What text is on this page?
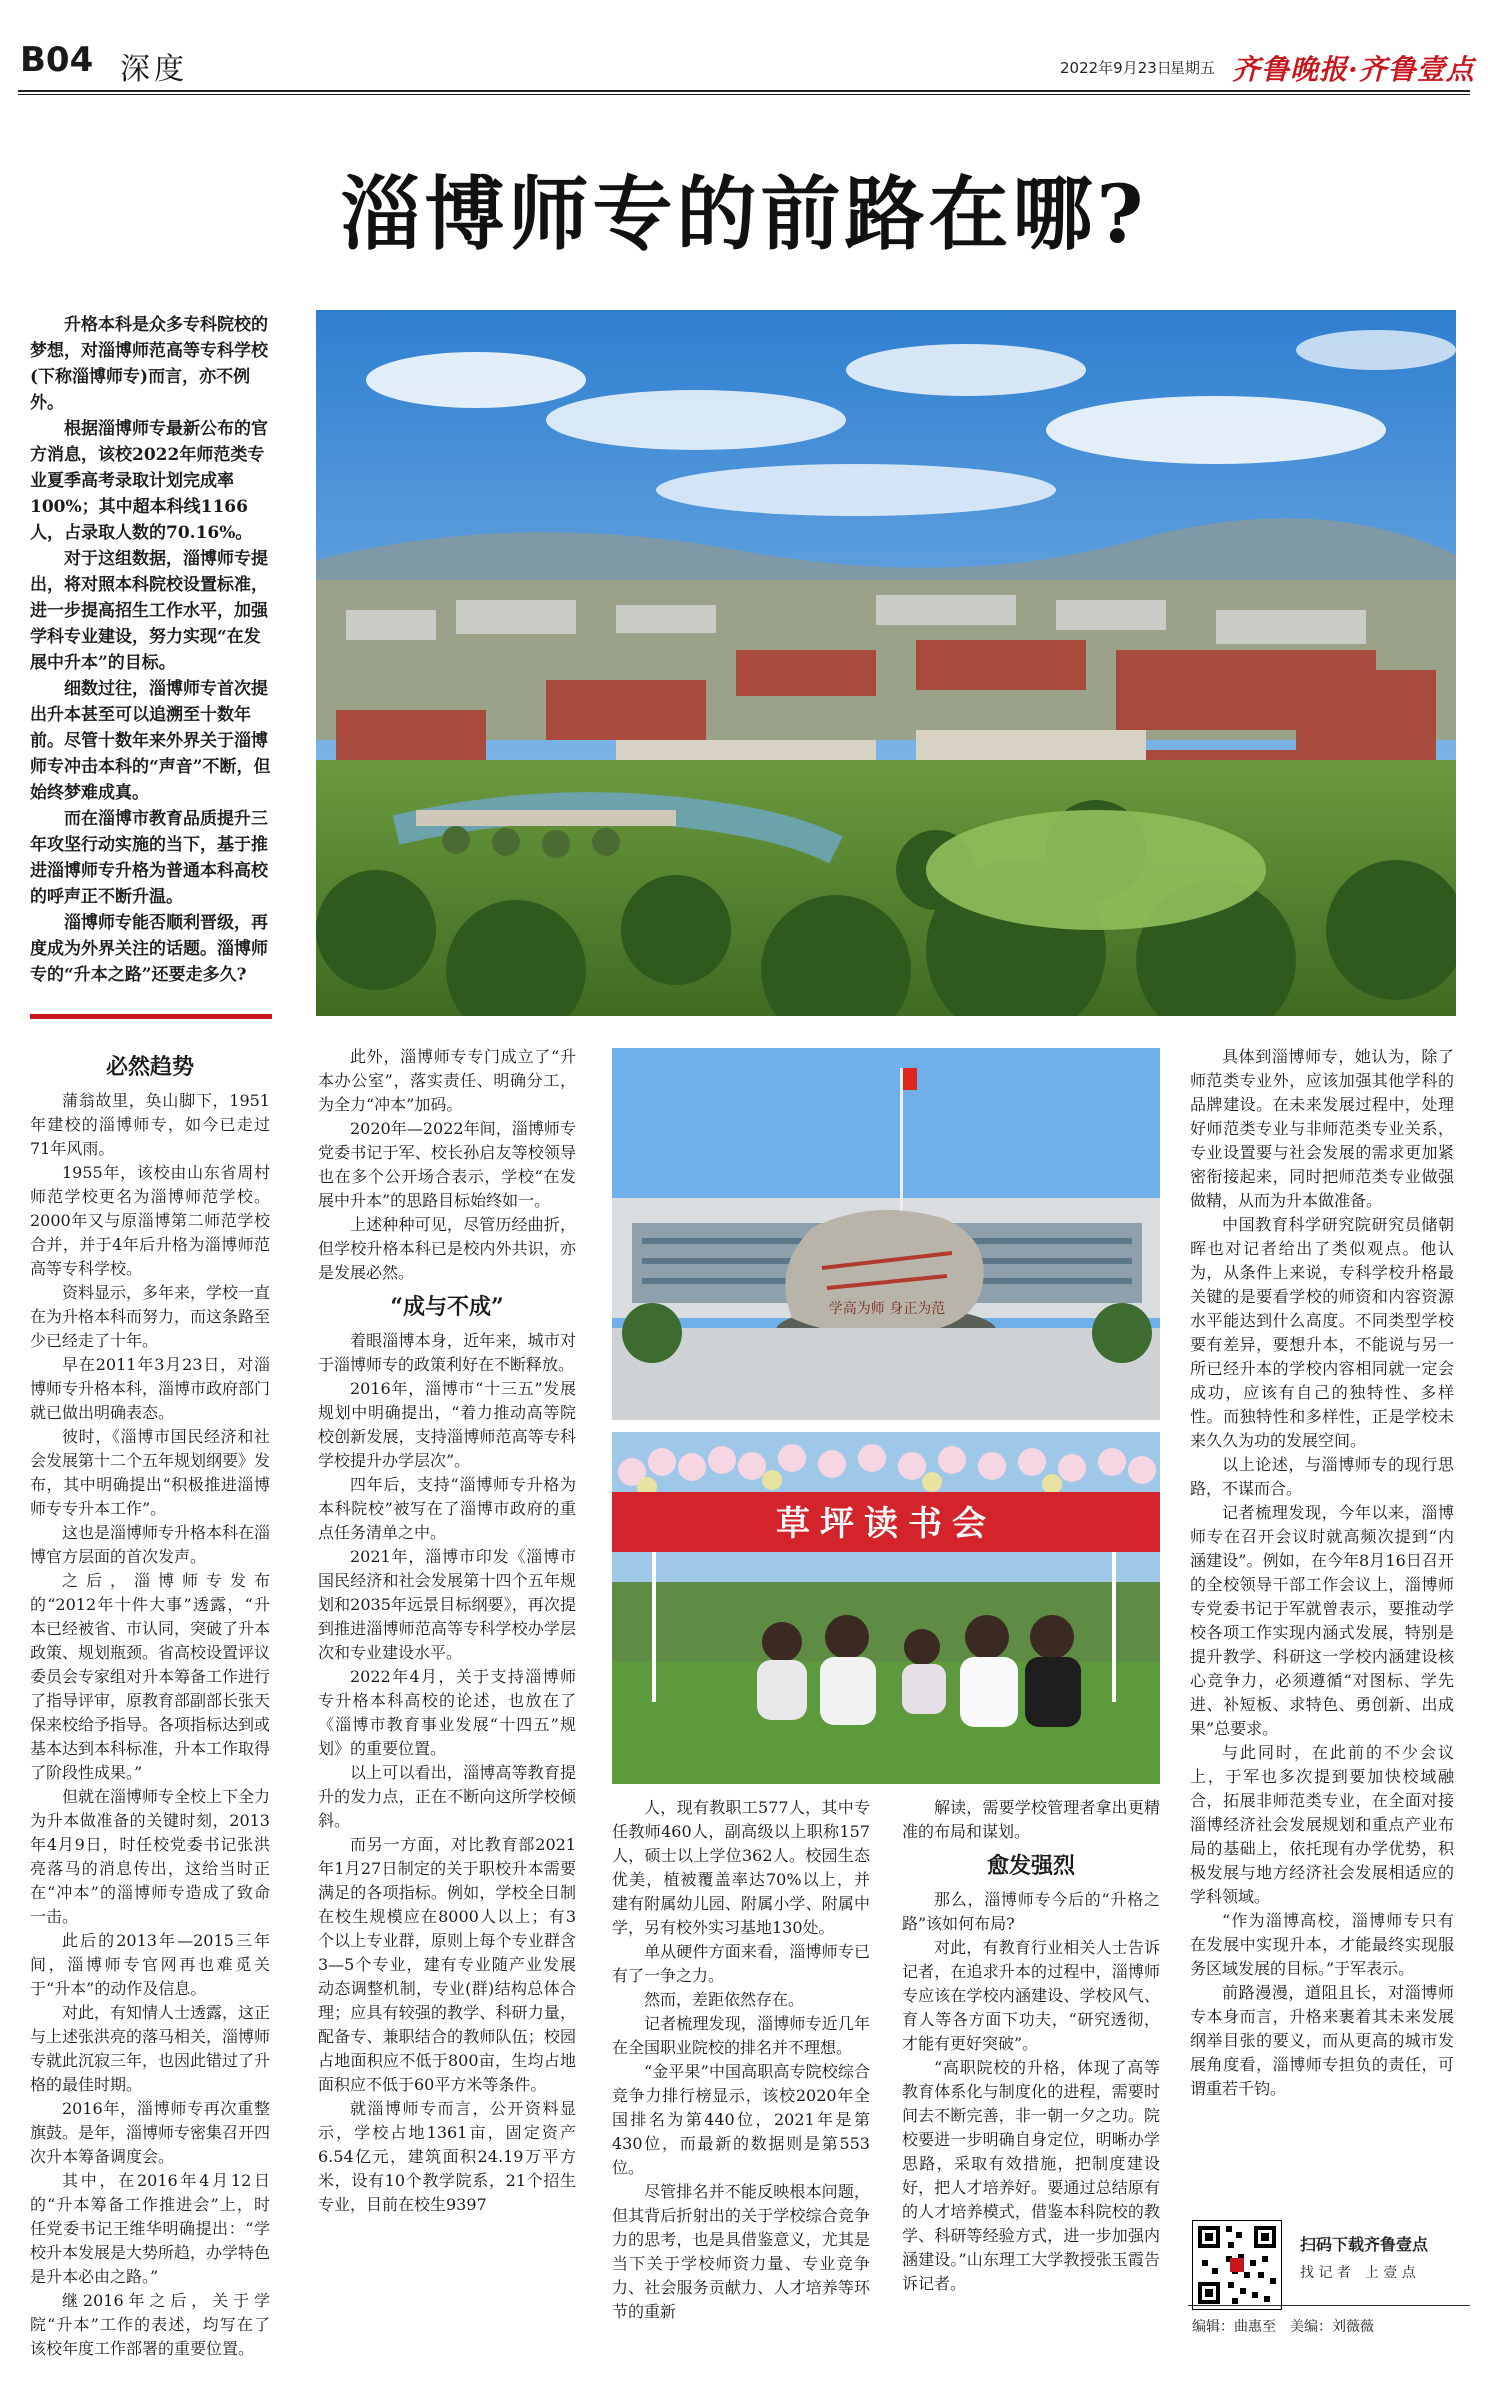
B04 深度	2022年9月23日
星期五 齐鲁晚报·齐鲁壹点
淄博师专的前路在哪?

升格本科是众多专科院校的梦想，对淄博师范高等专科学校(下称淄博师专)而言，亦不例外。

根据淄博师专最新公布的官方消息，该校2022年师范类专业夏季高考录取计划完成率100%；其中超本科线1166人，占录取人数的70.16%。

对于这组数据，淄博师专提出，将对照本科院校设置标准，进一步提高招生工作水平，加强学科专业建设，努力实现“在发展中升本”的目标。

细数过往，淄博师专首次提出升本甚至可以追溯至十数年前。尽管十数年来外界关于淄博师专冲击本科的“声音”不断，但始终梦难成真。

而在淄博市教育品质提升三年攻坚行动实施的当下，基于推进淄博师专升格为普通本科高校的呼声正不断升温。

淄博师专能否顺利晋级，再度成为外界关注的话题。淄博师专的“升本之路”还要走多久?

必然趋势

蒲翁故里，奂山脚下，1951年建校的淄博师专，如今已走过71年风雨。

1955年，该校由山东省周村师范学校更名为淄博师范学校。2000年又与原淄博第二师范学校合并，并于4年后升格为淄博师范高等专科学校。

资料显示，多年来，学校一直在为升格本科而努力，而这条路至少已经走了十年。

早在2011年3月23日，对淄博师专升格本科，淄博市政府部门就已做出明确表态。

彼时，《淄博市国民经济和社会发展第十二个五年规划纲要》发布，其中明确提出“积极推进淄博师专专升本工作”。

这也是淄博师专升格本科在淄博官方层面的首次发声。

之后，淄博师专发布的“2012年十件大事”透露，“升本已经被省、市认同，突破了升本政策、规划瓶颈。省高校设置评议委员会专家组对升本筹备工作进行了指导评审，原教育部副部长张天保来校给予指导。各项指标达到或基本达到本科标准，升本工作取得了阶段性成果。”

但就在淄博师专全校上下全力为升本做准备的关键时刻，2013年4月9日，时任校党委书记张洪亮落马的消息传出，这给当时正在“冲本”的淄博师专造成了致命一击。

此后的2013年—2015三年间，淄博师专官网再也难觅关于“升本”的动作及信息。

对此，有知情人士透露，这正与上述张洪亮的落马相关，淄博师专就此沉寂三年，也因此错过了升格的最佳时期。

2016年，淄博师专再次重整旗鼓。是年，淄博师专密集召开四次升本筹备调度会。

其中，在2016年4月12日的“升本筹备工作推进会”上，时任党委书记王维华明确提出：“学校升本发展是大势所趋，办学特色是升本必由之路。”

继2016年之后，关于学院“升本”工作的表述，均写在了该校年度工作部署的重要位置。

此外，淄博师专专门成立了“升本办公室”，落实责任、明确分工，为全力“冲本”加码。

2020年—2022年间，淄博师专党委书记于军、校长孙启友等校领导也在多个公开场合表示，学校“在发展中升本”的思路目标始终如一。

上述种种可见，尽管历经曲折，但学校升格本科已是校内外共识，亦是发展必然。

“成与不成”

着眼淄博本身，近年来，城市对于淄博师专的政策利好在不断释放。

2016年，淄博市“十三五”发展规划中明确提出，“着力推动高等院校创新发展，支持淄博师范高等专科学校提升办学层次”。

四年后，支持“淄博师专升格为本科院校”被写在了淄博市政府的重点任务清单之中。

2021年，淄博市印发《淄博市国民经济和社会发展第十四个五年规划和2035年远景目标纲要》，再次提到推进淄博师范高等专科学校办学层次和专业建设水平。

2022年4月，关于支持淄博师专升格本科高校的论述，也放在了《淄博市教育事业发展“十四五”规划》的重要位置。

以上可以看出，淄博高等教育提升的发力点，正在不断向这所学校倾斜。

而另一方面，对比教育部2021年1月27日制定的关于职校升本需要满足的各项指标。例如，学校全日制在校生规模应在8000人以上；有3个以上专业群，原则上每个专业群含3—5个专业，建有专业随产业发展动态调整机制，专业(群)结构总体合理；应具有较强的教学、科研力量，配备专、兼职结合的教师队伍；校园占地面积应不低于800亩，生均占地面积应不低于60平方米等条件。

就淄博师专而言，公开资料显示，学校占地1361亩，固定资产6.54亿元，建筑面积24.19万平方米，设有10个教学院系，21个招生专业，目前在校生9397

学高为师 身正为范
草坪读书会

人，现有教职工577人，其中专任教师460人，副高级以上职称157人，硕士以上学位362人。校园生态优美，植被覆盖率达70%以上，并建有附属幼儿园、附属小学、附属中学，另有校外实习基地130处。

单从硬件方面来看，淄博师专已有了一争之力。

然而，差距依然存在。

记者梳理发现，淄博师专近几年在全国职业院校的排名并不理想。

“金平果”中国高职高专院校综合竞争力排行榜显示，该校2020年全国排名为第440位，2021年是第430位，而最新的数据则是第553位。

尽管排名并不能反映根本问题，但其背后折射出的关于学校综合竞争力的思考，也是具借鉴意义，尤其是当下关于学校师资力量、专业竞争力、社会服务贡献力、人才培养等环节的重新

解读，需要学校管理者拿出更精准的布局和谋划。

愈发强烈

那么，淄博师专今后的“升格之路”该如何布局?

对此，有教育行业相关人士告诉记者，在追求升本的过程中，淄博师专应该在学校内涵建设、学校风气、育人等各方面下功夫，“研究透彻，才能有更好突破”。

“高职院校的升格，体现了高等教育体系化与制度化的进程，需要时间去不断完善，非一朝一夕之功。院校要进一步明确自身定位，明晰办学思路，采取有效措施，把制度建设好，把人才培养好。要通过总结原有的人才培养模式，借鉴本科院校的教学、科研等经验方式，进一步加强内涵建设。”山东理工大学教授张玉霞告诉记者。

具体到淄博师专，她认为，除了师范类专业外，应该加强其他学科的品牌建设。在未来发展过程中，处理好师范类专业与非师范类专业关系，专业设置要与社会发展的需求更加紧密衔接起来，同时把师范类专业做强做精，从而为升本做准备。

中国教育科学研究院研究员储朝晖也对记者给出了类似观点。他认为，从条件上来说，专科学校升格最关键的是要看学校的师资和内容资源水平能达到什么高度。不同类型学校要有差异，要想升本，不能说与另一所已经升本的学校内容相同就一定会成功，应该有自己的独特性、多样性。而独特性和多样性，正是学校未来久久为功的发展空间。

以上论述，与淄博师专的现行思路，不谋而合。

记者梳理发现，今年以来，淄博师专在召开会议时就高频次提到“内涵建设”。例如，在今年8月16日召开的全校领导干部工作会议上，淄博师专党委书记于军就曾表示，要推动学校各项工作实现内涵式发展，特别是提升教学、科研这一学校内涵建设核心竞争力，必须遵循“对图标、学先进、补短板、求特色、勇创新、出成果”总要求。

与此同时，在此前的不少会议上，于军也多次提到要加快校域融合，拓展非师范类专业，在全面对接淄博经济社会发展规划和重点产业布局的基础上，依托现有办学优势，积极发展与地方经济社会发展相适应的学科领域。

“作为淄博高校，淄博师专只有在发展中实现升本，才能最终实现服务区域发展的目标。”于军表示。

前路漫漫，道阻且长，对淄博师专本身而言，升格来裹着其未来发展纲举目张的要义，而从更高的城市发展角度看，淄博师专担负的责任，可谓重若千钧。

扫码下载齐鲁壹点
找 记 者　上 壹 点
编辑：曲惠至　美编：刘薇薇
